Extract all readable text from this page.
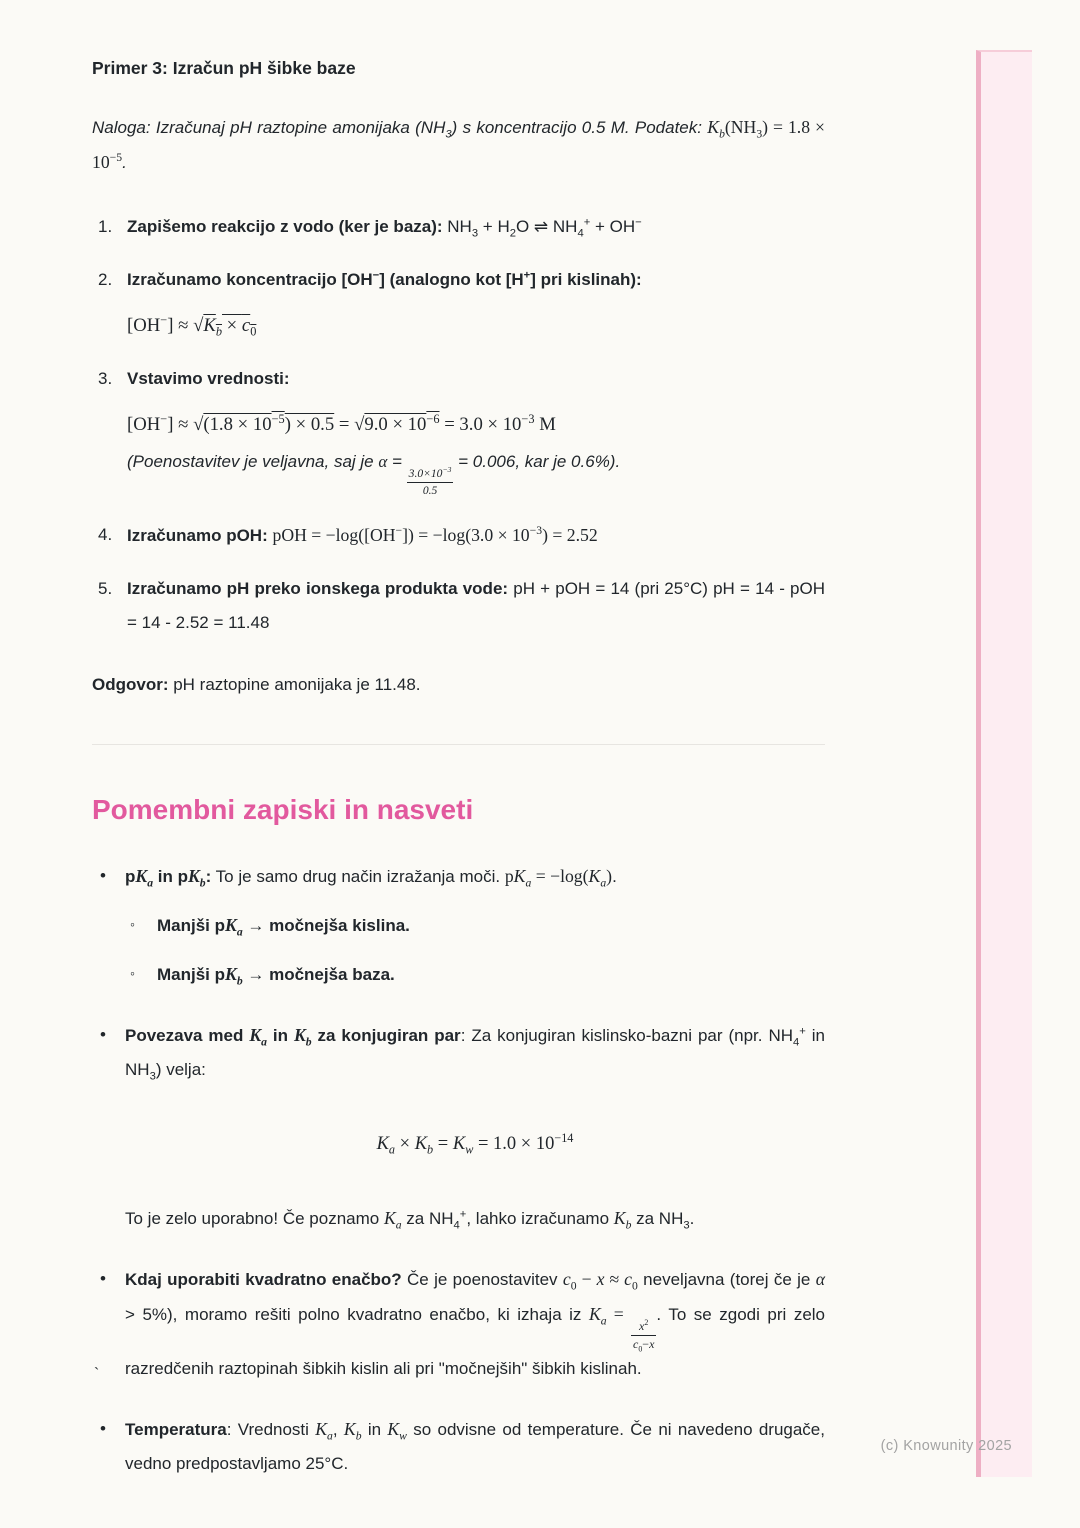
Primer 3: Izračun pH šibke baze

Naloga: Izračunaj pH raztopine amonijaka $(NH_3)$ s koncentracijo 0.5 M. Podatek: $K_b(NH_3) = 1.8 \times 10^{-5}$.

1. Zapišemo reakcijo z vodo (ker je baza): $NH_3 + H_2O$ ⇌ $NH_4^+ + OH^-$
2. Izračunamo koncentracijo [OH−] (analogno kot [H+] pri kislinah):
$[OH^-] \approx √K_b \times c_0$
3. Vstavimo vrednosti:
$[OH^-] \approx √(1.8 \times 10^{-5}) \times 0.5 = √9.0 \times 10^{-6} = 3.0 \times 10^{-3}$ M
(Poenostavitev je veljavna, saj je α =
$\frac{3.0\times 10^{-3}}{0.5}$
= 0.006, kar je 0.6%).
4. Izračunamo pOH: pOH = $-\log([OH^-]) = -\log(3.0 \times 10^{-3}) = 2.52$
5. Izračunamo pH preko ionskega produkta vode: pH + pOH = 14 (pri 25°C) pH = 14 - pOH = 14 - 2.52 = 11.48

Odgovor: pH raztopine amonijaka je 11.48.

Pomembni zapiski in nasveti
• $pK_a$ in $pK_b$: To je samo drug način izražanja moči. $pK_a = -\log(K_a)$.
◦ Manjši $pK_a$ → močnejša kislina.
◦ Manjši $pK_b$ → močnejša baza.
• Povezava med $K_a$ in $K_b$ za konjugiran par: Za konjugiran kislinsko-bazni par (npr. $NH_4^+$ in $NH_3$) velja:
$K_a \times K_b = K_w = 1.0 \times 10^{-14}$
To je zelo uporabno! Če poznamo $K_a$ za $NH_4^+$, lahko izračunamo $K_b$ za $NH_3$.
• Kdaj uporabiti kvadratno enačbo? Če je poenostavitev $c_0 - x \approx c_0$ neveljavna (torej če je α > 5%), moramo rešiti polno kvadratno enačbo, ki izhaja iz $K_a$ =
$\frac{x^2}{c_0-x}$
. To se zgodi pri zelo razredčenih raztopinah šibkih kislin ali pri "močnejših" šibkih kislinah.
• Temperatura: Vrednosti $K_a$, $K_b$ in $K_w$ so odvisne od temperature. Če ni navedeno drugače, vedno predpostavljamo 25°C.
`
(c) Knowunity 2025
